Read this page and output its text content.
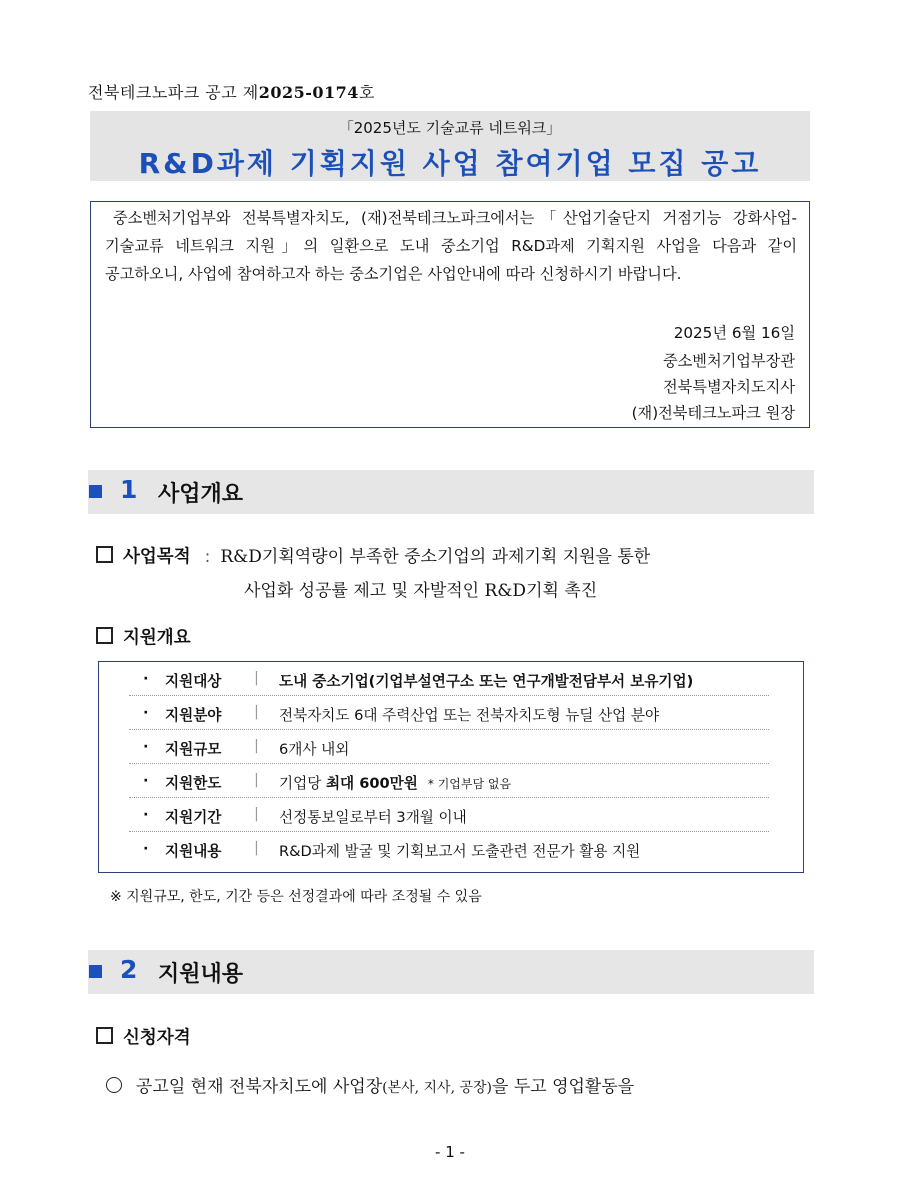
전북테크노파크 공고 제2025-0174호
「2025년도 기술교류 네트워크」
R&D과제 기획지원 사업 참여기업 모집 공고
중소벤처기업부와 전북특별자치도, (재)전북테크노파크에서는「산업기술단지 거점기능 강화사업-기술교류 네트워크 지원」의 일환으로 도내 중소기업 R&D과제 기획지원 사업을 다음과 같이 공고하오니, 사업에 참여하고자 하는 중소기업은 사업안내에 따라 신청하시기 바랍니다.
2025년 6월 16일
중소벤처기업부장관
전북특별자치도지사
(재)전북테크노파크 원장
1 사업개요
사업목적 : R&D기획역량이 부족한 중소기업의 과제기획 지원을 통한
사업화 성공률 제고 및 자발적인 R&D기획 촉진
지원개요
· 지원대상 | 도내 중소기업(기업부설연구소 또는 연구개발전담부서 보유기업)
· 지원분야 | 전북자치도 6대 주력산업 또는 전북자치도형 뉴딜 산업 분야
· 지원규모 | 6개사 내외
· 지원한도 | 기업당 최대 600만원 * 기업부담 없음
· 지원기간 | 선정통보일로부터 3개월 이내
· 지원내용 | R&D과제 발굴 및 기획보고서 도출관련 전문가 활용 지원
※ 지원규모, 한도, 기간 등은 선정결과에 따라 조정될 수 있음
2 지원내용
신청자격
공고일 현재 전북자치도에 사업장(본사, 지사, 공장)을 두고 영업활동을
- 1 -
